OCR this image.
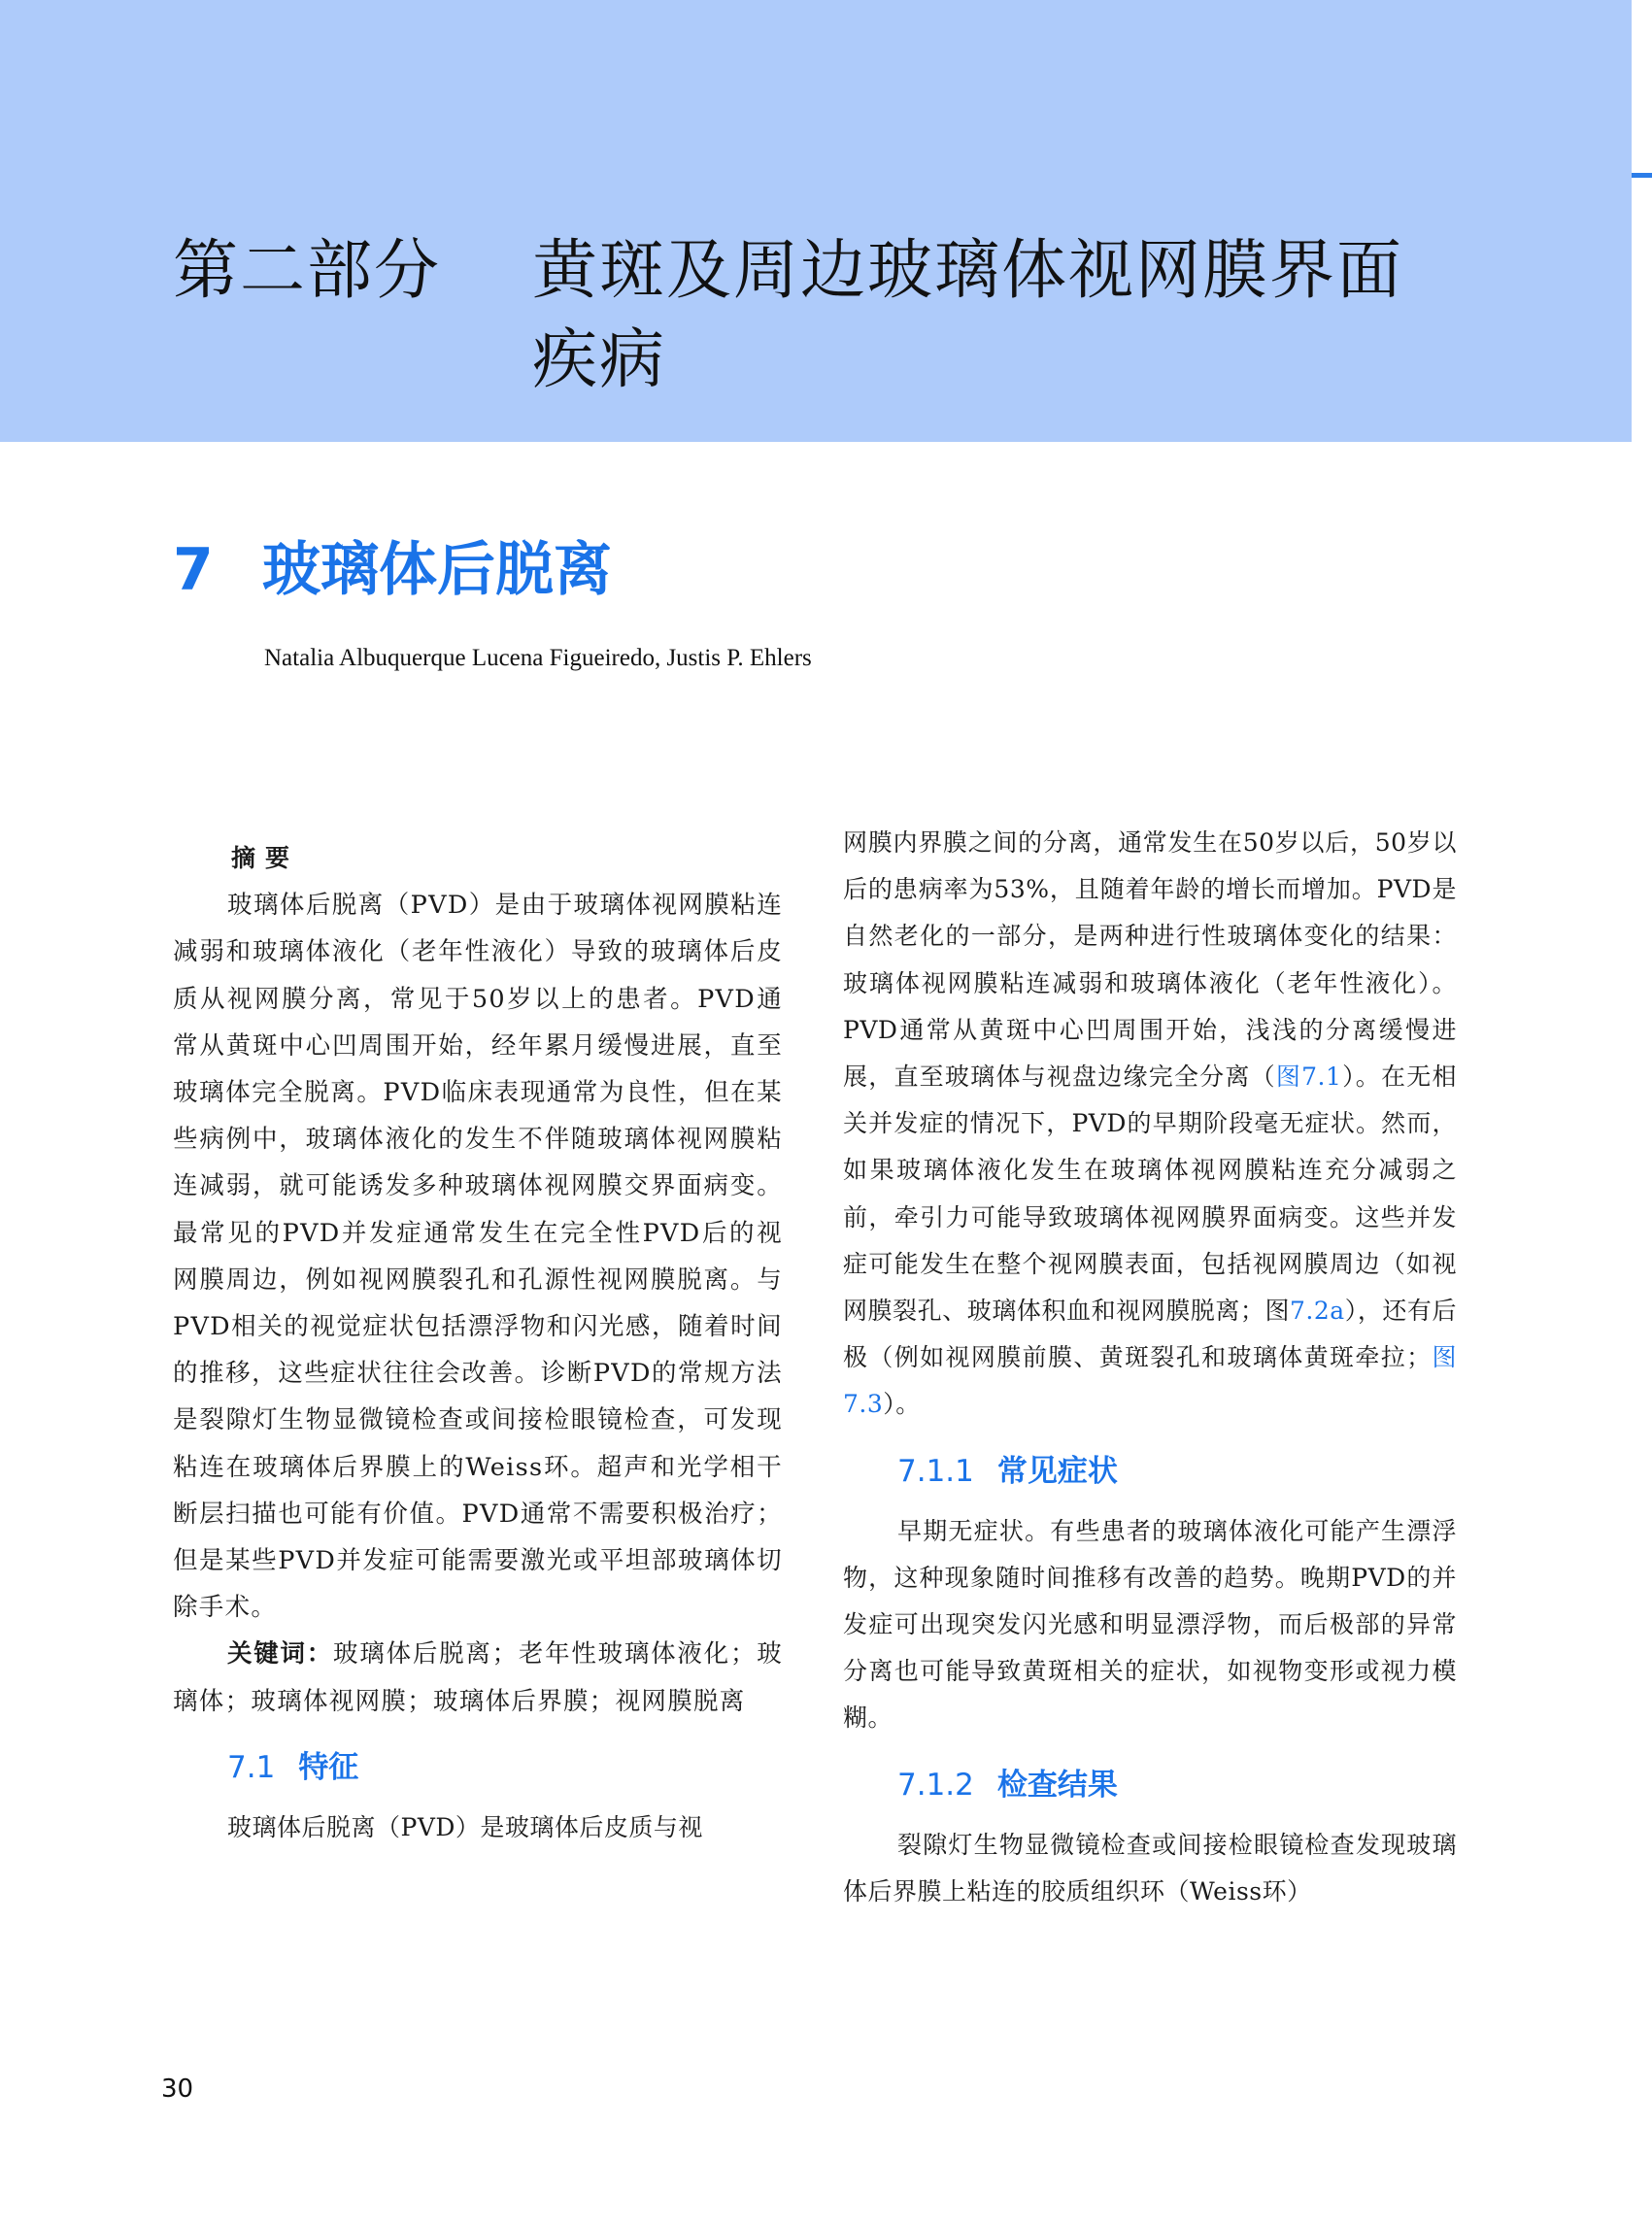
第二部分 黄斑及周边玻璃体视网膜界面
疾病
7 玻璃体后脱离
Natalia Albuquerque Lucena Figueiredo, Justis P. Ehlers
摘要

玻璃体后脱离（PVD）是由于玻璃体视网膜粘连减弱和玻璃体液化（老年性液化）导致的玻璃体后皮质从视网膜分离，常见于50岁以上的患者。PVD通常从黄斑中心凹周围开始，经年累月缓慢进展，直至玻璃体完全脱离。PVD临床表现通常为良性，但在某些病例中，玻璃体液化的发生不伴随玻璃体视网膜粘连减弱，就可能诱发多种玻璃体视网膜交界面病变。最常见的PVD并发症通常发生在完全性PVD后的视网膜周边，例如视网膜裂孔和孔源性视网膜脱离。与PVD相关的视觉症状包括漂浮物和闪光感，随着时间的推移，这些症状往往会改善。诊断PVD的常规方法是裂隙灯生物显微镜检查或间接检眼镜检查，可发现粘连在玻璃体后界膜上的Weiss环。超声和光学相干断层扫描也可能有价值。PVD通常不需要积极治疗；但是某些PVD并发症可能需要激光或平坦部玻璃体切除手术。

关键词：玻璃体后脱离；老年性玻璃体液化；玻璃体；玻璃体视网膜；玻璃体后界膜；视网膜脱离

7.1 特征

玻璃体后脱离（PVD）是玻璃体后皮质与视

网膜内界膜之间的分离，通常发生在50岁以后，50岁以后的患病率为53%，且随着年龄的增长而增加。PVD是自然老化的一部分，是两种进行性玻璃体变化的结果：玻璃体视网膜粘连减弱和玻璃体液化（老年性液化）。PVD通常从黄斑中心凹周围开始，浅浅的分离缓慢进展，直至玻璃体与视盘边缘完全分离（图7.1）。在无相关并发症的情况下，PVD的早期阶段毫无症状。然而，如果玻璃体液化发生在玻璃体视网膜粘连充分减弱之前，牵引力可能导致玻璃体视网膜界面病变。这些并发症可能发生在整个视网膜表面，包括视网膜周边（如视网膜裂孔、玻璃体积血和视网膜脱离；图7.2a），还有后极（例如视网膜前膜、黄斑裂孔和玻璃体黄斑牵拉；图7.3）。

7.1.1 常见症状

早期无症状。有些患者的玻璃体液化可能产生漂浮物，这种现象随时间推移有改善的趋势。晚期PVD的并发症可出现突发闪光感和明显漂浮物，而后极部的异常分离也可能导致黄斑相关的症状，如视物变形或视力模糊。

7.1.2 检查结果

裂隙灯生物显微镜检查或间接检眼镜检查发现玻璃体后界膜上粘连的胶质组织环（Weiss环）

30
